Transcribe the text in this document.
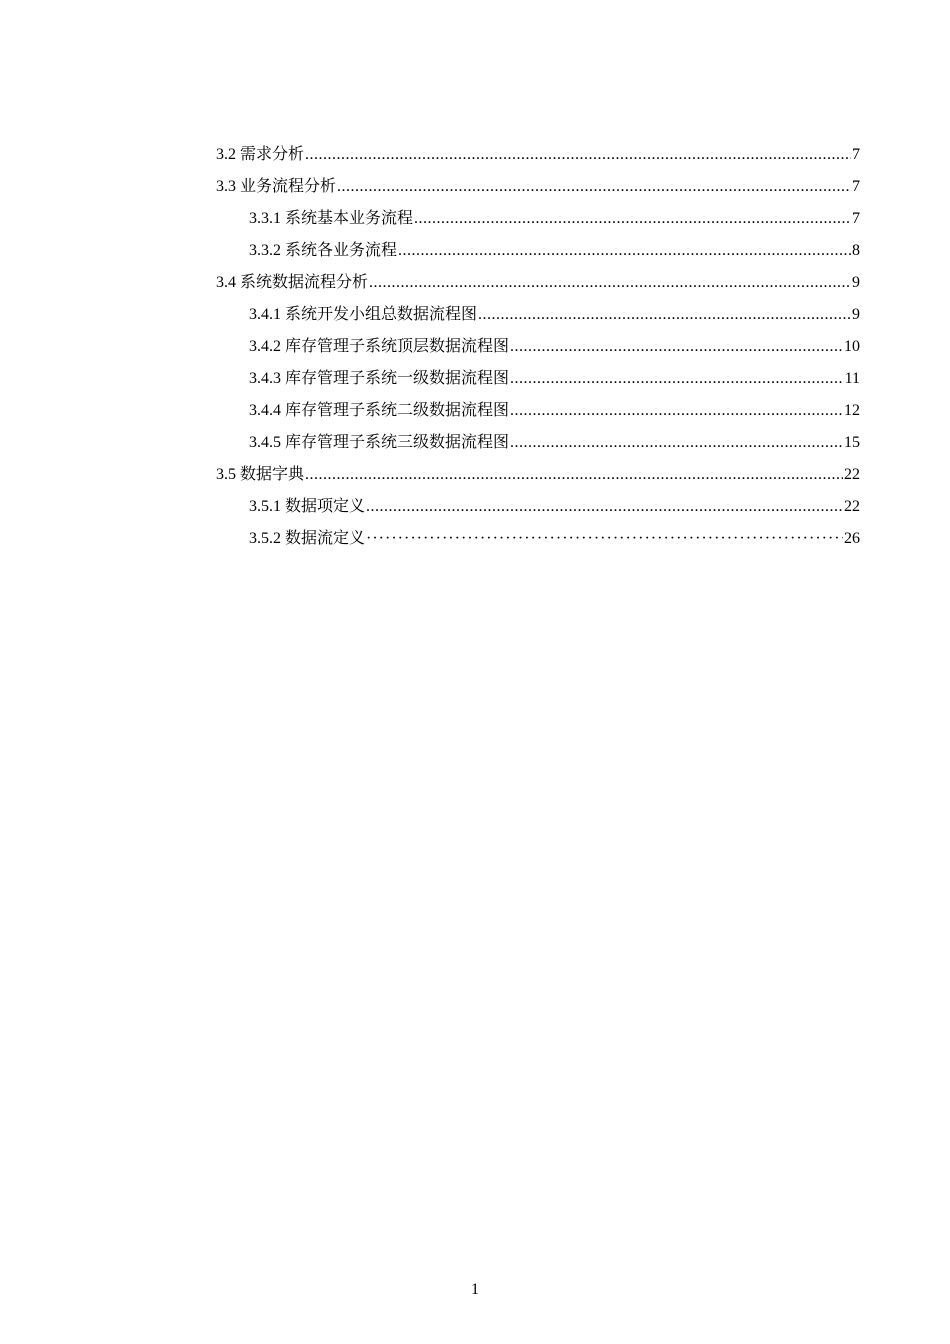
3.2 需求分析 .....	7
3.3 业务流程分析 .....	7
3.3.1 系统基本业务流程 .....	7
3.3.2 系统各业务流程 .....	8
3.4 系统数据流程分析 .....	9
3.4.1 系统开发小组总数据流程图 .....	9
3.4.2 库存管理子系统顶层数据流程图 .....	10
3.4.3 库存管理子系统一级数据流程图 .....	11
3.4.4 库存管理子系统二级数据流程图 .....	12
3.4.5 库存管理子系统三级数据流程图 .....	15
3.5 数据字典 .....	22
3.5.1 数据项定义 .....	22
3.5.2 数据流定义 ·····	26
1
